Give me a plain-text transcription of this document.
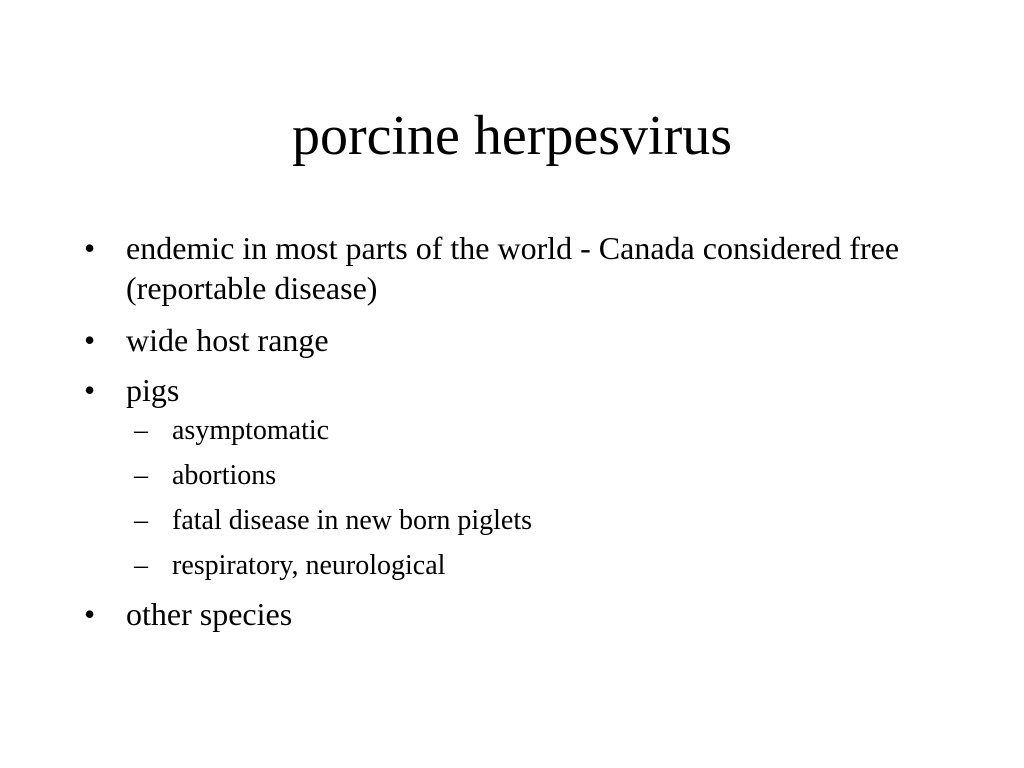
porcine herpesvirus
• endemic in most parts of the world - Canada considered free (reportable disease)
• wide host range
• pigs
– asymptomatic
– abortions
– fatal disease in new born piglets
– respiratory, neurological
• other species
